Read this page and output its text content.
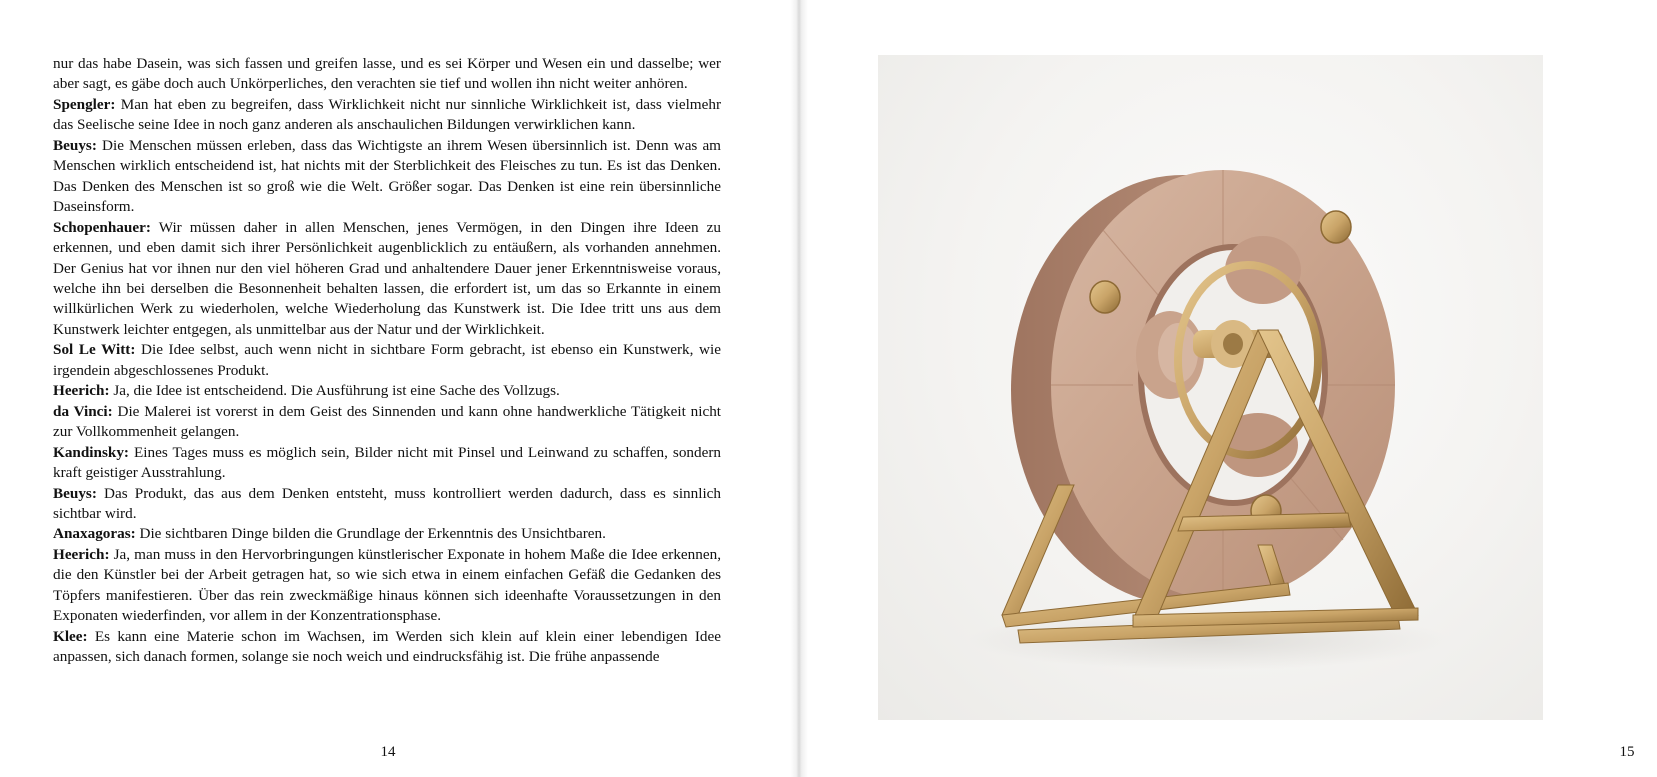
nur das habe Dasein, was sich fassen und greifen lasse, und es sei Körper und Wesen ein und dasselbe; wer aber sagt, es gäbe doch auch Unkörperliches, den verachten sie tief und wollen ihn nicht weiter anhören.

Spengler: Man hat eben zu begreifen, dass Wirklichkeit nicht nur sinnliche Wirklichkeit ist, dass vielmehr das Seelische seine Idee in noch ganz anderen als anschaulichen Bildungen verwirklichen kann.

Beuys: Die Menschen müssen erleben, dass das Wichtigste an ihrem Wesen übersinnlich ist. Denn was am Menschen wirklich entscheidend ist, hat nichts mit der Sterblichkeit des Fleisches zu tun. Es ist das Denken. Das Denken des Menschen ist so groß wie die Welt. Größer sogar. Das Denken ist eine rein übersinnliche Daseinsform.

Schopenhauer: Wir müssen daher in allen Menschen, jenes Vermögen, in den Dingen ihre Ideen zu erkennen, und eben damit sich ihrer Persönlichkeit augenblicklich zu entäußern, als vorhanden annehmen. Der Genius hat vor ihnen nur den viel höheren Grad und anhaltendere Dauer jener Erkenntnisweise voraus, welche ihn bei derselben die Besonnenheit behalten lassen, die erfordert ist, um das so Erkannte in einem willkürlichen Werk zu wiederholen, welche Wiederholung das Kunstwerk ist. Die Idee tritt uns aus dem Kunstwerk leichter entgegen, als unmittelbar aus der Natur und der Wirklichkeit.

Sol Le Witt: Die Idee selbst, auch wenn nicht in sichtbare Form gebracht, ist ebenso ein Kunstwerk, wie irgendein abgeschlossenes Produkt.

Heerich: Ja, die Idee ist entscheidend. Die Ausführung ist eine Sache des Vollzugs.

da Vinci: Die Malerei ist vorerst in dem Geist des Sinnenden und kann ohne handwerkliche Tätigkeit nicht zur Vollkommenheit gelangen.

Kandinsky: Eines Tages muss es möglich sein, Bilder nicht mit Pinsel und Leinwand zu schaffen, sondern kraft geistiger Ausstrahlung.

Beuys: Das Produkt, das aus dem Denken entsteht, muss kontrolliert werden dadurch, dass es sinnlich sichtbar wird.

Anaxagoras: Die sichtbaren Dinge bilden die Grundlage der Erkenntnis des Unsichtbaren.

Heerich: Ja, man muss in den Hervorbringungen künstlerischer Exponate in hohem Maße die Idee erkennen, die den Künstler bei der Arbeit getragen hat, so wie sich etwa in einem einfachen Gefäß die Gedanken des Töpfers manifestieren. Über das rein zweckmäßige hinaus können sich ideenhafte Voraussetzungen in den Exponaten wiederfinden, vor allem in der Konzentrationsphase.

Klee: Es kann eine Materie schon im Wachsen, im Werden sich klein auf klein einer lebendigen Idee anpassen, sich danach formen, solange sie noch weich und eindrucksfähig ist. Die frühe anpassende

14	15
